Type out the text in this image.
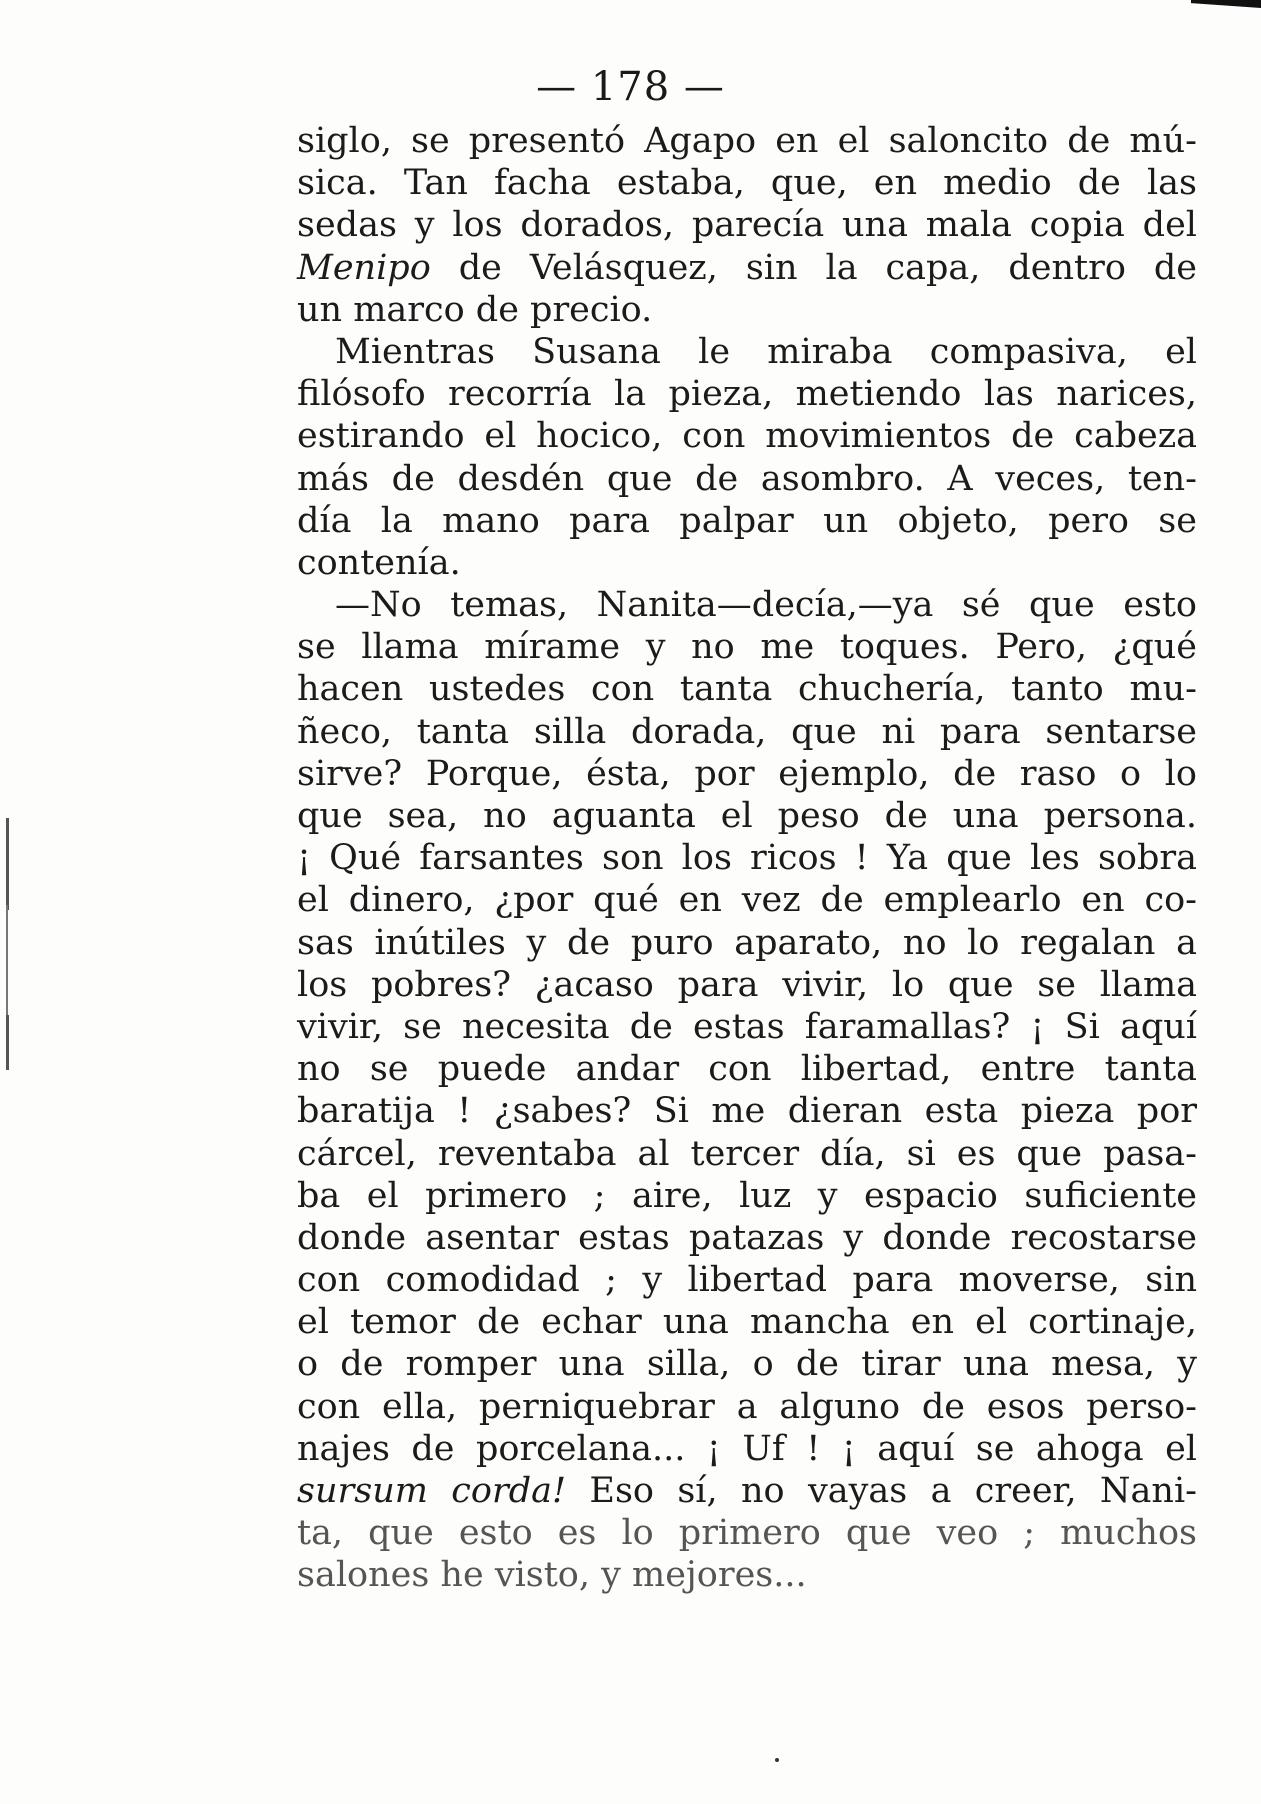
— 178 —
siglo, se presentó Agapo en el saloncito de mú-
sica. Tan facha estaba, que, en medio de las
sedas y los dorados, parecía una mala copia del
Menipo de Velásquez, sin la capa, dentro de
un marco de precio.
Mientras Susana le miraba compasiva, el
filósofo recorría la pieza, metiendo las narices,
estirando el hocico, con movimientos de cabeza
más de desdén que de asombro. A veces, ten-
día la mano para palpar un objeto, pero se
contenía.
—No temas, Nanita—decía,—ya sé que esto
se llama mírame y no me toques. Pero, ¿qué
hacen ustedes con tanta chuchería, tanto mu-
ñeco, tanta silla dorada, que ni para sentarse
sirve? Porque, ésta, por ejemplo, de raso o lo
que sea, no aguanta el peso de una persona.
¡ Qué farsantes son los ricos ! Ya que les sobra
el dinero, ¿por qué en vez de emplearlo en co-
sas inútiles y de puro aparato, no lo regalan a
los pobres? ¿acaso para vivir, lo que se llama
vivir, se necesita de estas faramallas? ¡ Si aquí
no se puede andar con libertad, entre tanta
baratija ! ¿sabes? Si me dieran esta pieza por
cárcel, reventaba al tercer día, si es que pasa-
ba el primero ; aire, luz y espacio suficiente
donde asentar estas patazas y donde recostarse
con comodidad ; y libertad para moverse, sin
el temor de echar una mancha en el cortinaje,
o de romper una silla, o de tirar una mesa, y
con ella, perniquebrar a alguno de esos perso-
najes de porcelana... ¡ Uf ! ¡ aquí se ahoga el
sursum corda! Eso sí, no vayas a creer, Nani-
ta, que esto es lo primero que veo ; muchos
salones he visto, y mejores...
